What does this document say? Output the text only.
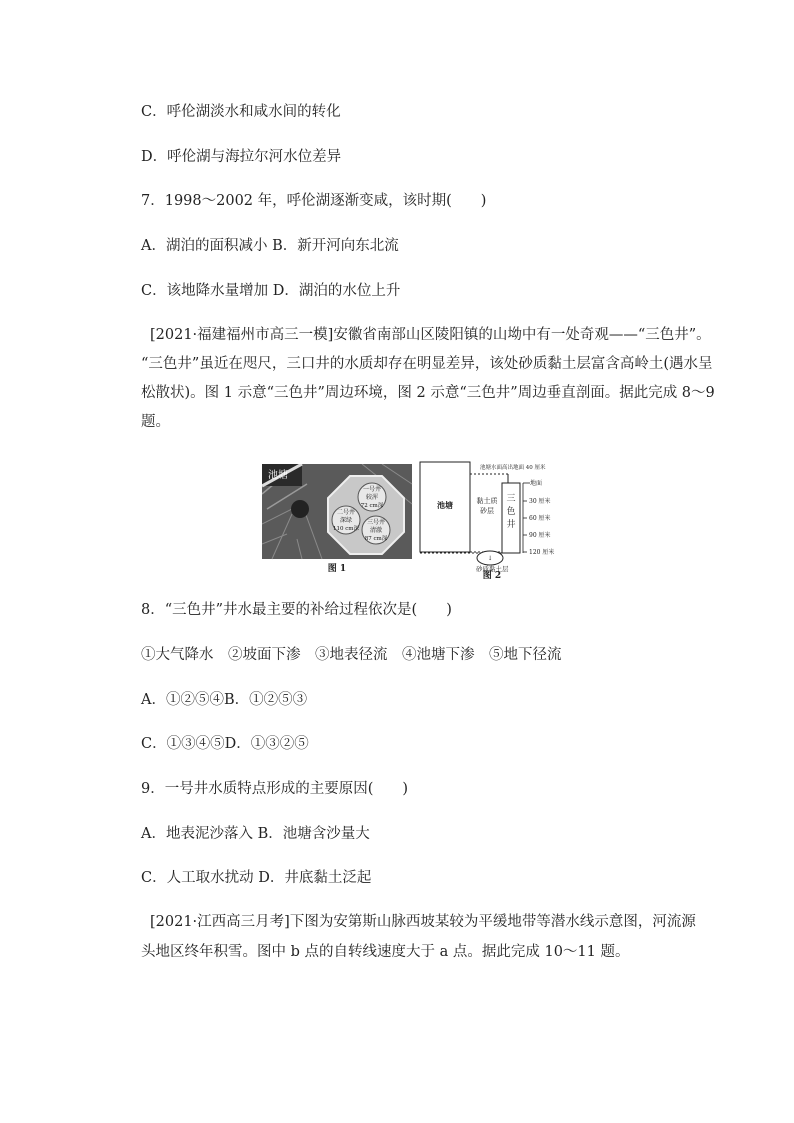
C．呼伦湖淡水和咸水间的转化
D．呼伦湖与海拉尔河水位差异
7．1998～2002 年，呼伦湖逐渐变咸，该时期(　　)
A．湖泊的面积减小 B．新开河向东北流
C．该地降水量增加 D．湖泊的水位上升
[2021·福建福州市高三一模]安徽省南部山区陵阳镇的山坳中有一处奇观——“三色井”。
“三色井”虽近在咫尺，三口井的水质却存在明显差异，该处砂质黏土层富含高岭土(遇水呈
松散状)。图 1 示意“三色井”周边环境，图 2 示意“三色井”周边垂直剖面。据此完成 8～9
题。
池塘
一号井
较浑
72 cm深
二号井
深绿
110 cm深
三号井
清澈
87 cm深
图 1
↓
池塘水面高出地面 40 厘米
池塘	黏土质
砂层
三
色
井
地面
30 厘米
60 厘米
90 厘米
120 厘米
砂质黏土层
图 2
8．“三色井”井水最主要的补给过程依次是(　　)
①大气降水　②坡面下渗　③地表径流　④池塘下渗　⑤地下径流
A．①②⑤④B．①②⑤③
C．①③④⑤D．①③②⑤
9．一号井水质特点形成的主要原因(　　)
A．地表泥沙落入 B．池塘含沙量大
C．人工取水扰动 D．井底黏土泛起
[2021·江西高三月考]下图为安第斯山脉西坡某较为平缓地带等潜水线示意图，河流源
头地区终年积雪。图中 b 点的自转线速度大于 a 点。据此完成 10～11 题。
